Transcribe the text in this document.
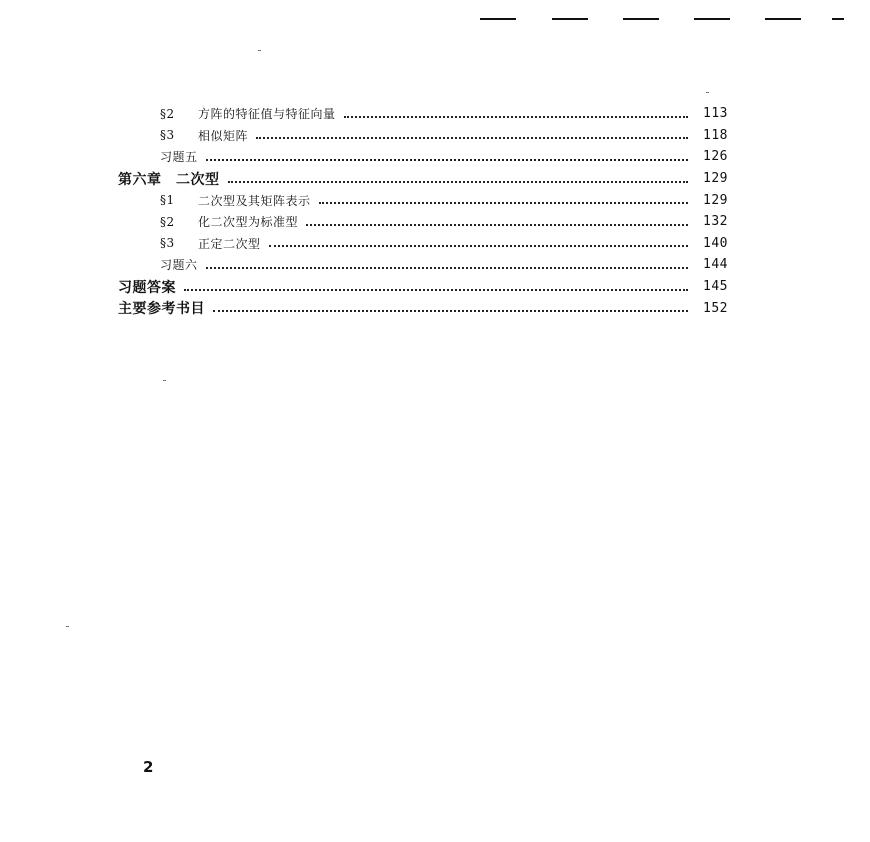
§2	方阵的特征值与特征向量	113
§3	相似矩阵	118
习题五	126
第六章　二次型	129
§1	二次型及其矩阵表示	129
§2	化二次型为标准型	132
§3	正定二次型	140
习题六	144
习题答案	145
主要参考书目	152
2
